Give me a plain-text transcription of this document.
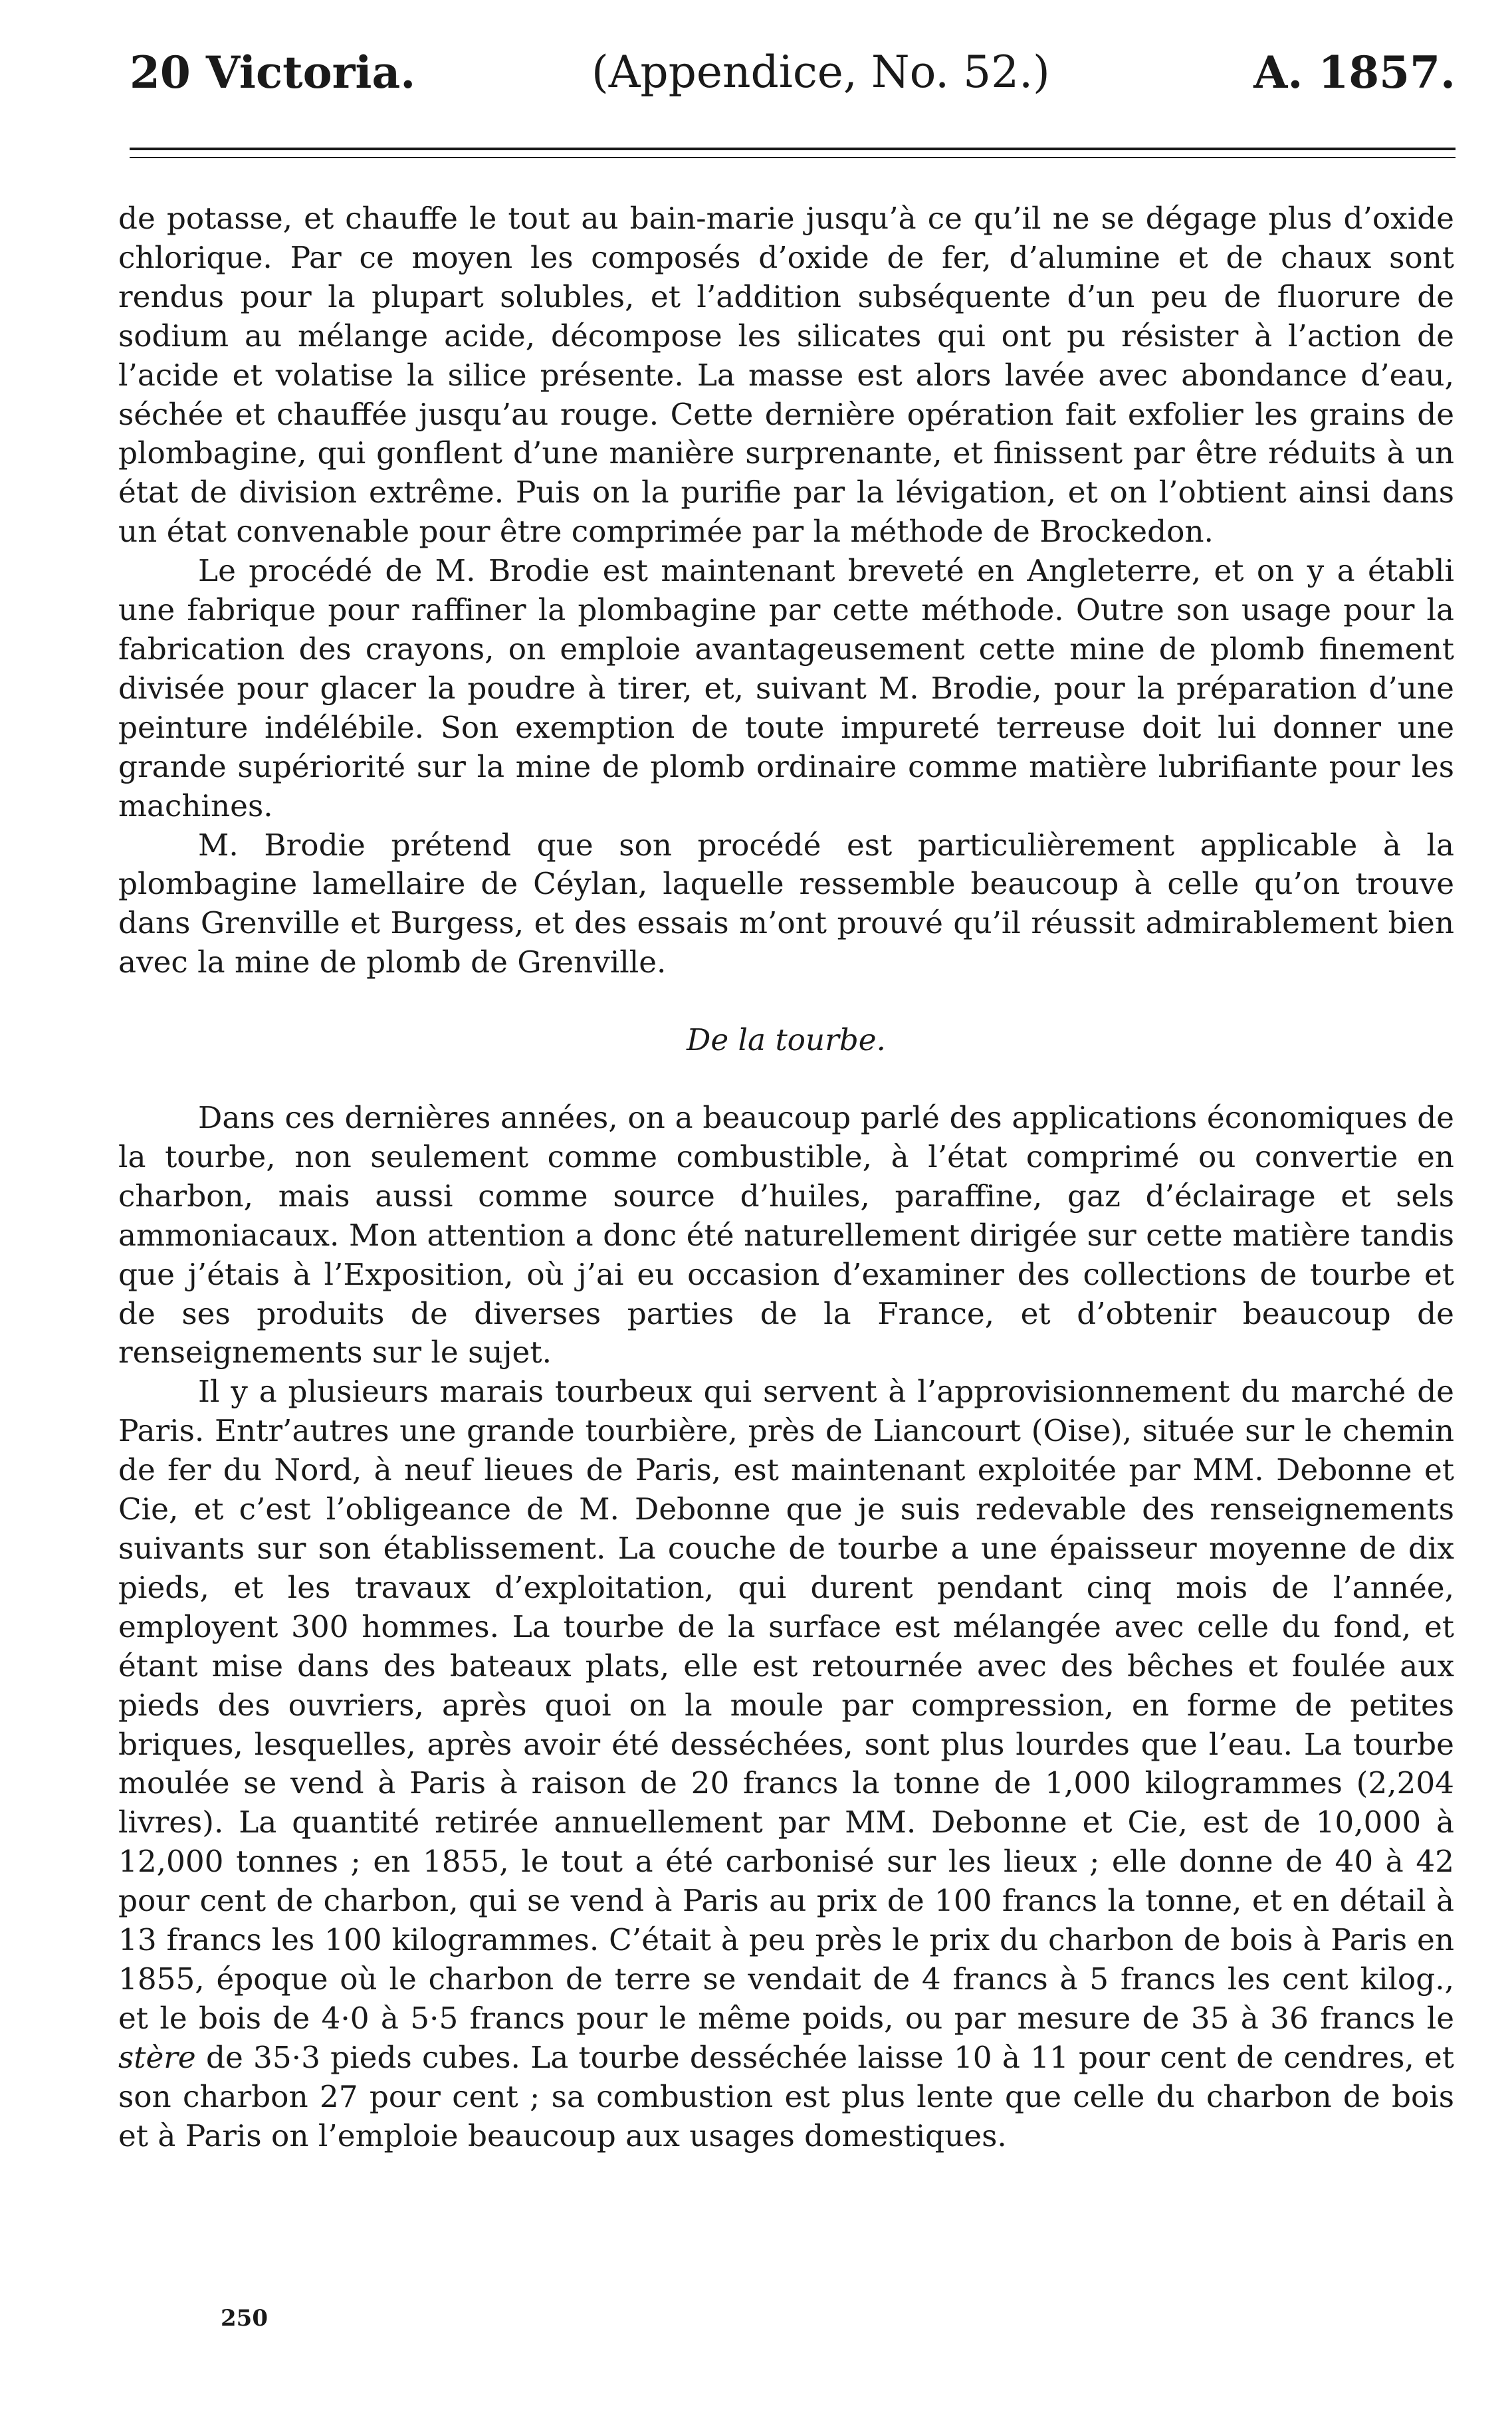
20 Victoria.	(Appendice, No. 52.)	A. 1857.

de potasse, et chauffe le tout au bain-marie jusqu’à ce qu’il ne se dégage plus d’oxide chlorique. Par ce moyen les composés d’oxide de fer, d’alumine et de chaux sont rendus pour la plupart solubles, et l’addition subséquente d’un peu de fluorure de sodium au mélange acide, décompose les silicates qui ont pu résister à l’action de l’acide et volatise la silice présente. La masse est alors lavée avec abondance d’eau, séchée et chauffée jusqu’au rouge. Cette dernière opération fait exfolier les grains de plombagine, qui gonflent d’une manière surprenante, et finissent par être réduits à un état de division extrême. Puis on la purifie par la lévigation, et on l’obtient ainsi dans un état convenable pour être comprimée par la méthode de Brockedon.

Le procédé de M. Brodie est maintenant breveté en Angleterre, et on y a établi une fabrique pour raffiner la plombagine par cette méthode. Outre son usage pour la fabrication des crayons, on emploie avantageusement cette mine de plomb finement divisée pour glacer la poudre à tirer, et, suivant M. Brodie, pour la préparation d’une peinture indélébile. Son exemption de toute impureté terreuse doit lui donner une grande supériorité sur la mine de plomb ordinaire comme matière lubrifiante pour les machines.

M. Brodie prétend que son procédé est particulièrement applicable à la plombagine lamellaire de Céylan, laquelle ressemble beaucoup à celle qu’on trouve dans Grenville et Burgess, et des essais m’ont prouvé qu’il réussit admirablement bien avec la mine de plomb de Grenville.

De la tourbe.

Dans ces dernières années, on a beaucoup parlé des applications économiques de la tourbe, non seulement comme combustible, à l’état comprimé ou convertie en charbon, mais aussi comme source d’huiles, paraffine, gaz d’éclairage et sels ammoniacaux. Mon attention a donc été naturellement dirigée sur cette matière tandis que j’étais à l’Exposition, où j’ai eu occasion d’examiner des collections de tourbe et de ses produits de diverses parties de la France, et d’obtenir beaucoup de renseignements sur le sujet.

Il y a plusieurs marais tourbeux qui servent à l’approvisionnement du marché de Paris. Entr’autres une grande tourbière, près de Liancourt (Oise), située sur le chemin de fer du Nord, à neuf lieues de Paris, est maintenant exploitée par MM. Debonne et Cie, et c’est l’obligeance de M. Debonne que je suis redevable des renseignements suivants sur son établissement. La couche de tourbe a une épaisseur moyenne de dix pieds, et les travaux d’exploitation, qui durent pendant cinq mois de l’année, employent 300 hommes. La tourbe de la surface est mélangée avec celle du fond, et étant mise dans des bateaux plats, elle est retournée avec des bêches et foulée aux pieds des ouvriers, après quoi on la moule par compression, en forme de petites briques, lesquelles, après avoir été desséchées, sont plus lourdes que l’eau. La tourbe moulée se vend à Paris à raison de 20 francs la tonne de 1,000 kilogrammes (2,204 livres). La quantité retirée annuellement par MM. Debonne et Cie, est de 10,000 à 12,000 tonnes ; en 1855, le tout a été carbonisé sur les lieux ; elle donne de 40 à 42 pour cent de charbon, qui se vend à Paris au prix de 100 francs la tonne, et en détail à 13 francs les 100 kilogrammes. C’était à peu près le prix du charbon de bois à Paris en 1855, époque où le charbon de terre se vendait de 4 francs à 5 francs les cent kilog., et le bois de 4·0 à 5·5 francs pour le même poids, ou par mesure de 35 à 36 francs le stère de 35·3 pieds cubes. La tourbe desséchée laisse 10 à 11 pour cent de cendres, et son charbon 27 pour cent ; sa combustion est plus lente que celle du charbon de bois et à Paris on l’emploie beaucoup aux usages domestiques.

250
